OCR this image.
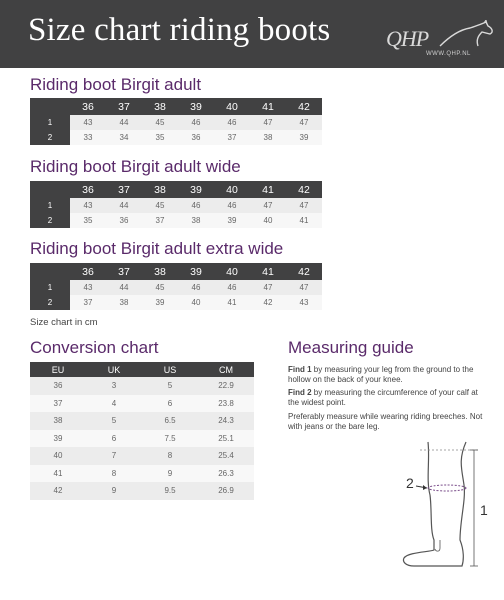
Size chart riding boots	QHP
WWW.QHP.NL
Riding boot Birgit adult
	36	37	38	39	40	41	42
1	43	44	45	46	46	47	47
2	33	34	35	36	37	38	39
Riding boot Birgit adult wide
	36	37	38	39	40	41	42
1	43	44	45	46	46	47	47
2	35	36	37	38	39	40	41
Riding boot Birgit adult extra wide
	36	37	38	39	40	41	42
1	43	44	45	46	46	47	47
2	37	38	39	40	41	42	43
Size chart in cm
Conversion chart
EU	UK	US	CM
36	3	5	22.9
37	4	6	23.8
38	5	6.5	24.3
39	6	7.5	25.1
40	7	8	25.4
41	8	9	26.3
42	9	9.5	26.9
Measuring guide
Find 1 by measuring your leg from the ground to the hollow on the back of your knee.
Find 2 by measuring the circumference of your calf at the widest point.
Preferably measure while wearing riding breeches. Not with jeans or the bare leg.
2
1
